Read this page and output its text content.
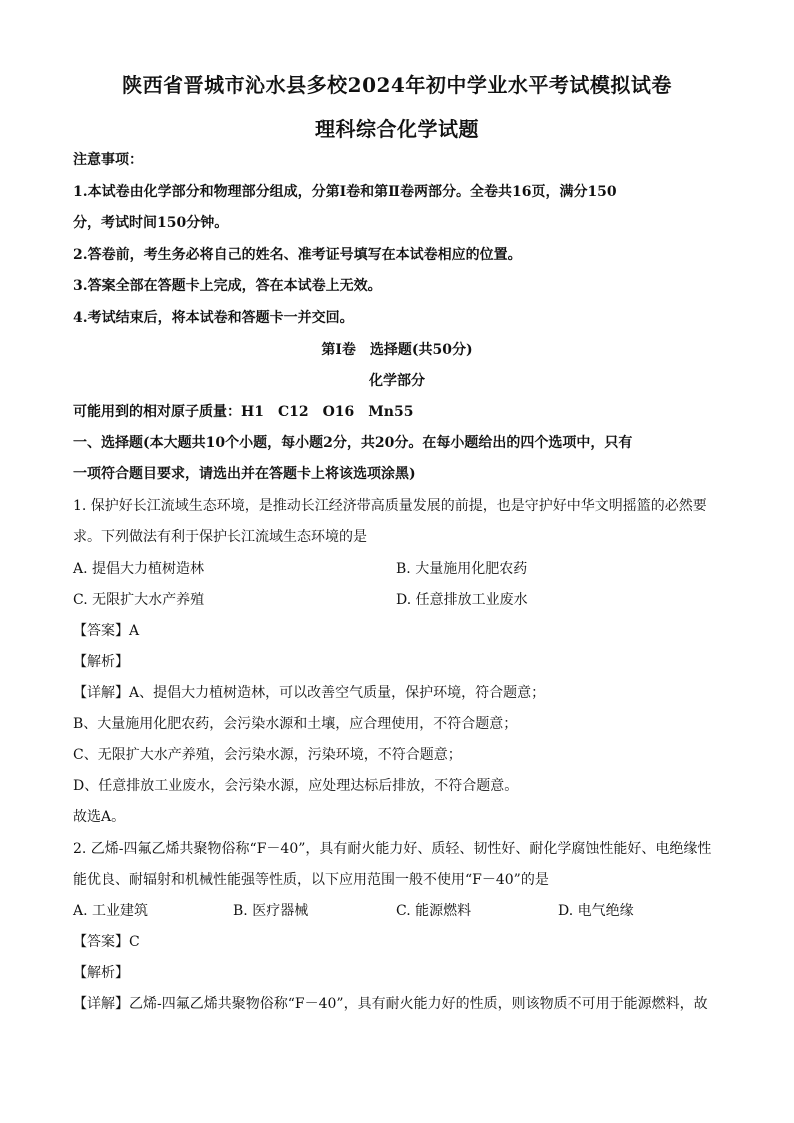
陕西省晋城市沁水县多校2024年初中学业水平考试模拟试卷
理科综合化学试题
注意事项：
1.本试卷由化学部分和物理部分组成，分第Ⅰ卷和第Ⅱ卷两部分。全卷共16页，满分150
分，考试时间150分钟。
2.答卷前，考生务必将自己的姓名、准考证号填写在本试卷相应的位置。
3.答案全部在答题卡上完成，答在本试卷上无效。
4.考试结束后，将本试卷和答题卡一并交回。
第Ⅰ卷　选择题(共50分)
化学部分
可能用到的相对原子质量：H1　C12　O16　Mn55
一、选择题(本大题共10个小题，每小题2分，共20分。在每小题给出的四个选项中，只有
一项符合题目要求，请选出并在答题卡上将该选项涂黑)
1. 保护好长江流域生态环境，是推动长江经济带高质量发展的前提，也是守护好中华文明摇篮的必然要
求。下列做法有利于保护长江流域生态环境的是
A. 提倡大力植树造林	B. 大量施用化肥农药
C. 无限扩大水产养殖	D. 任意排放工业废水
【答案】A
【解析】
【详解】A、提倡大力植树造林，可以改善空气质量，保护环境，符合题意；
B、大量施用化肥农药，会污染水源和土壤，应合理使用，不符合题意；
C、无限扩大水产养殖，会污染水源，污染环境，不符合题意；
D、任意排放工业废水，会污染水源，应处理达标后排放，不符合题意。
故选A。
2. 乙烯-四氟乙烯共聚物俗称“F－40”，具有耐火能力好、质轻、韧性好、耐化学腐蚀性能好、电绝缘性
能优良、耐辐射和机械性能强等性质，以下应用范围一般不使用“F－40”的是
A. 工业建筑	B. 医疗器械	C. 能源燃料	D. 电气绝缘
【答案】C
【解析】
【详解】乙烯-四氟乙烯共聚物俗称“F－40”，具有耐火能力好的性质，则该物质不可用于能源燃料，故
